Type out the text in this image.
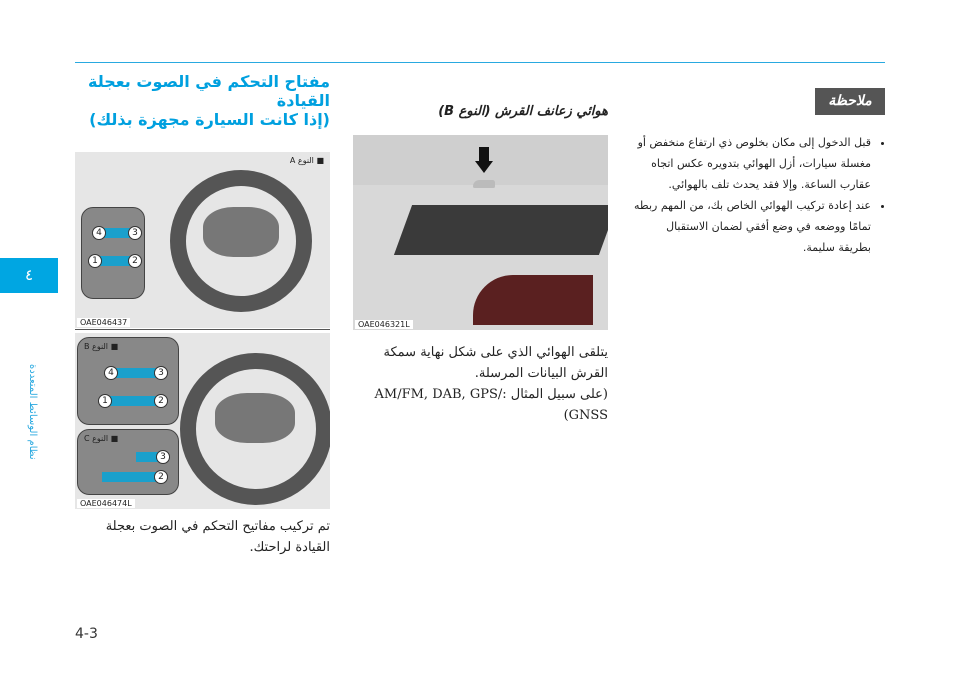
٤
نظام الوسائط المتعددة
مفتاح التحكم في الصوت بعجلة القيادة
(إذا كانت السيارة مجهزة بذلك)
■ النوع A
4	3
1	2
OAE046437
■ النوع B
4	3
1	2
■ النوع C
3
2
OAE046474L
تم تركيب مفاتيح التحكم في الصوت بعجلة القيادة لراحتك.
هوائي زعانف القرش (النوع B)
OAE046321L
يتلقى الهوائي الذي على شكل نهاية سمكة القرش البيانات المرسلة.
(على سبيل المثال :AM/FM, DAB, GPS/ GNSS)
ملاحظة
• قبل الدخول إلى مكان بخلوص ذي ارتفاع منخفض أو مغسلة سيارات، أزل الهوائي بتدويره عكس اتجاه عقارب الساعة. وإلا فقد يحدث تلف بالهوائي.
• عند إعادة تركيب الهوائي الخاص بك، من المهم ربطه تمامًا ووضعه في وضع أفقي لضمان الاستقبال بطريقة سليمة.
4-3
